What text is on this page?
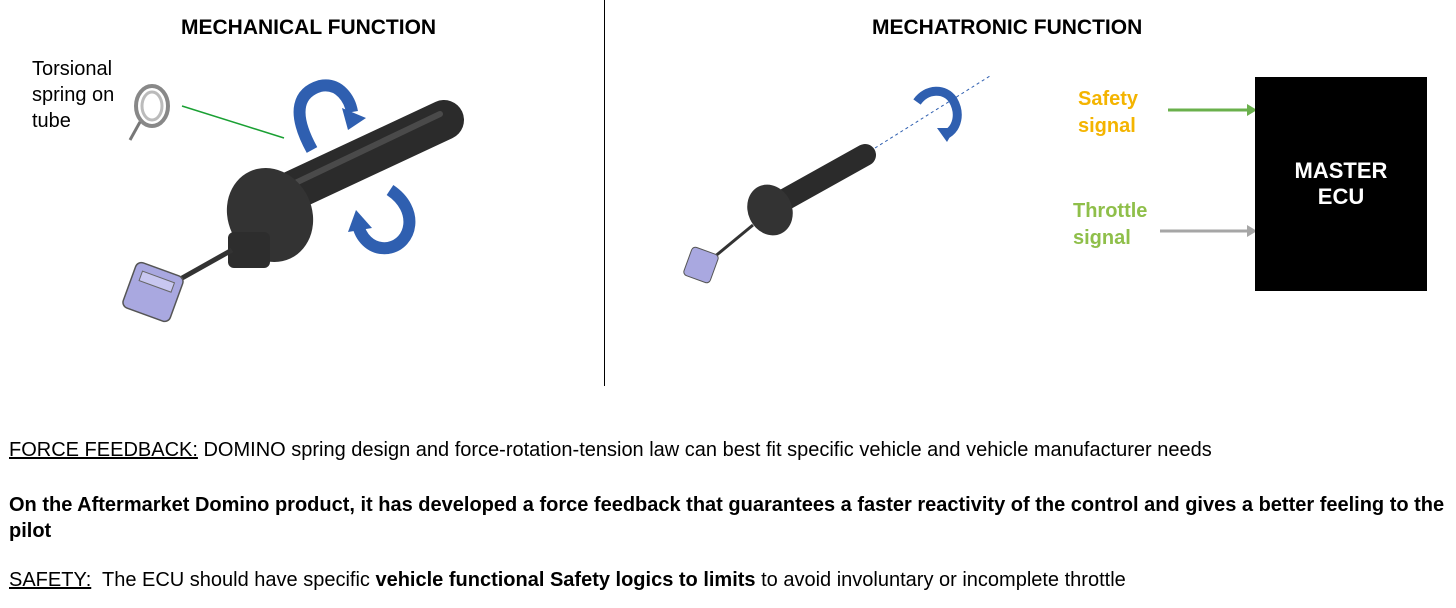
MECHANICAL FUNCTION
Torsional spring on tube
MECHATRONIC FUNCTION
Safety signal
Throttle signal
MASTER ECU
FORCE FEEDBACK: DOMINO spring design and force-rotation-tension law can best fit specific vehicle and vehicle manufacturer needs
On the Aftermarket Domino product, it has developed a force feedback that guarantees a faster reactivity of the control and gives a better feeling to the pilot
SAFETY:  The ECU should have specific vehicle functional Safety logics to limits to avoid involuntary or incomplete throttle
